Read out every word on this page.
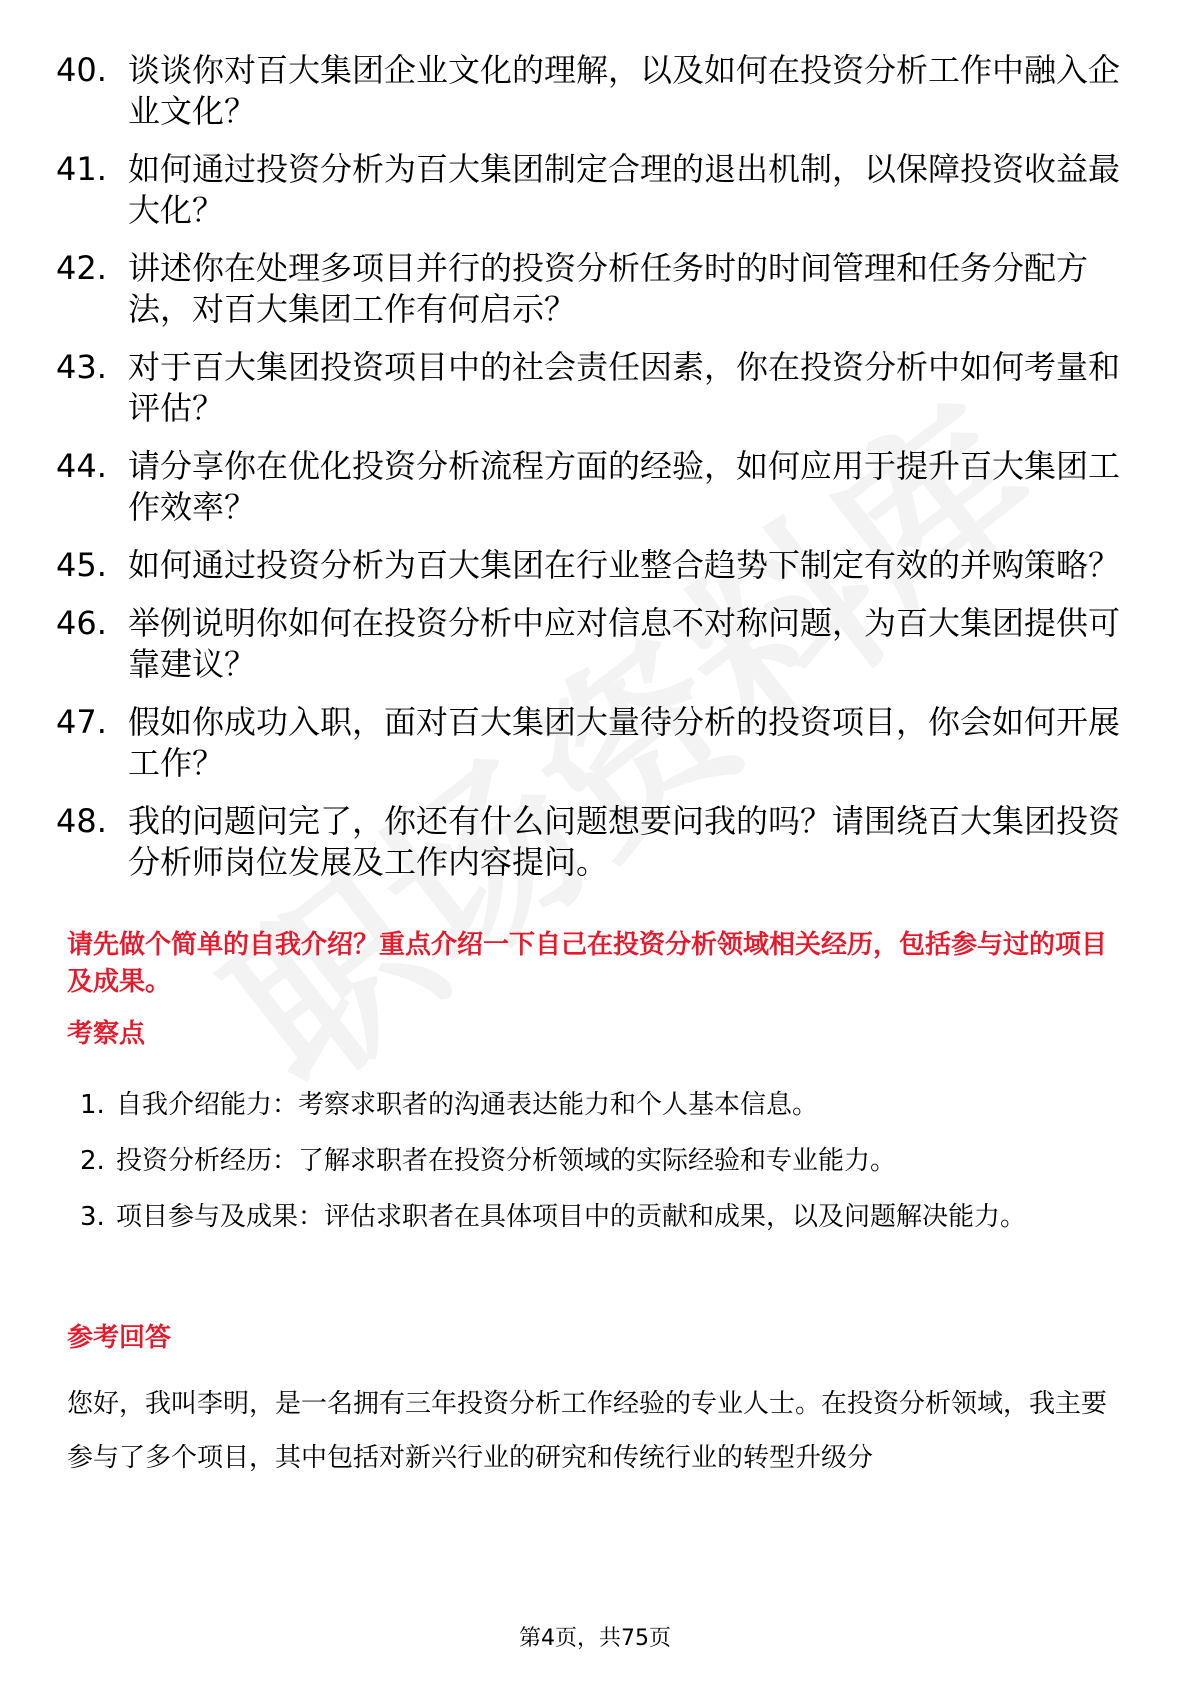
40. 谈谈你对百大集团企业文化的理解，以及如何在投资分析工作中融入企业文化？
41. 如何通过投资分析为百大集团制定合理的退出机制，以保障投资收益最大化？
42. 讲述你在处理多项目并行的投资分析任务时的时间管理和任务分配方法，对百大集团工作有何启示？
43. 对于百大集团投资项目中的社会责任因素，你在投资分析中如何考量和评估？
44. 请分享你在优化投资分析流程方面的经验，如何应用于提升百大集团工作效率？
45. 如何通过投资分析为百大集团在行业整合趋势下制定有效的并购策略？
46. 举例说明你如何在投资分析中应对信息不对称问题，为百大集团提供可靠建议？
47. 假如你成功入职，面对百大集团大量待分析的投资项目，你会如何开展工作？
48. 我的问题问完了，你还有什么问题想要问我的吗？请围绕百大集团投资分析师岗位发展及工作内容提问。
请先做个简单的自我介绍？重点介绍一下自己在投资分析领域相关经历，包括参与过的项目及成果。
考察点
1. 自我介绍能力：考察求职者的沟通表达能力和个人基本信息。
2. 投资分析经历：了解求职者在投资分析领域的实际经验和专业能力。
3. 项目参与及成果：评估求职者在具体项目中的贡献和成果，以及问题解决能力。
参考回答
您好，我叫李明，是一名拥有三年投资分析工作经验的专业人士。在投资分析领域，我主要参与了多个项目，其中包括对新兴行业的研究和传统行业的转型升级分
第4页，共75页
